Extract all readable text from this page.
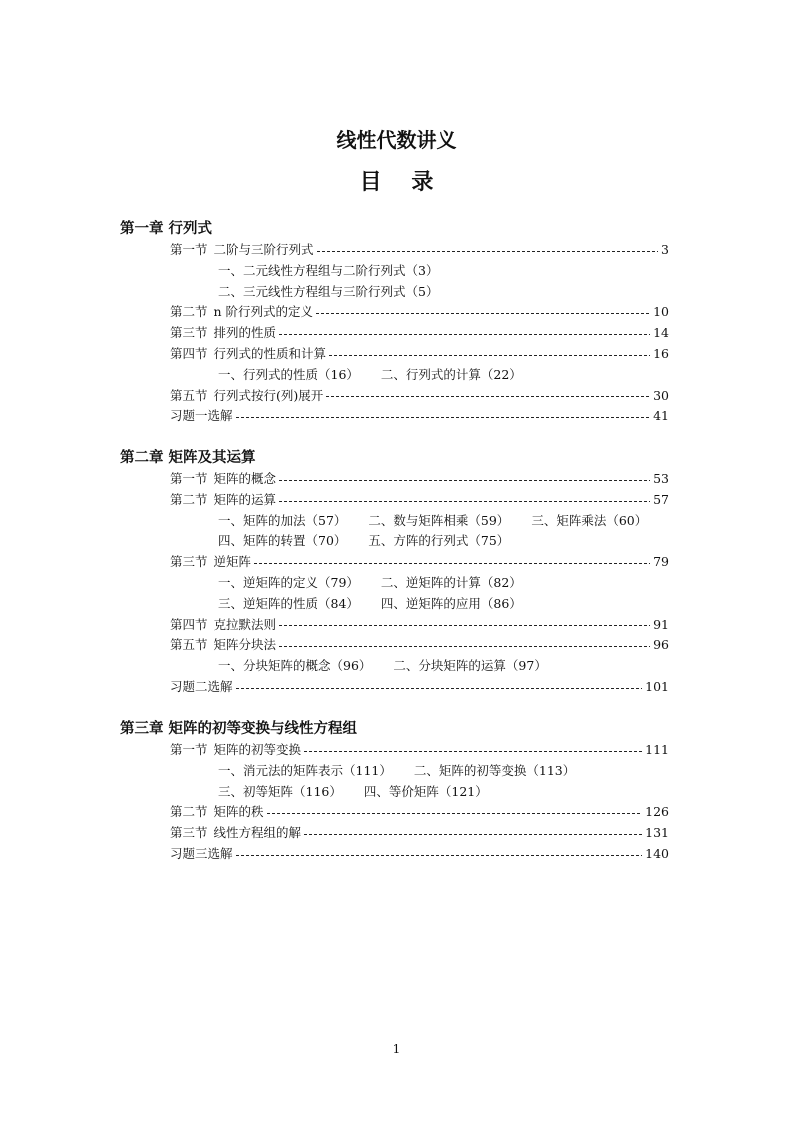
线性代数讲义
目 录
第一章 行列式
第一节 二阶与三阶行列式	3
一、二元线性方程组与二阶行列式（3）
二、三元线性方程组与三阶行列式（5）
第二节 n 阶行列式的定义	10
第三节 排列的性质	14
第四节 行列式的性质和计算	16
一、行列式的性质（16） 二、行列式的计算（22）
第五节 行列式按行(列)展开	30
习题一选解	41
第二章 矩阵及其运算
第一节 矩阵的概念	53
第二节 矩阵的运算	57
一、矩阵的加法（57） 二、数与矩阵相乘（59） 三、矩阵乘法（60）
四、矩阵的转置（70） 五、方阵的行列式（75）
第三节 逆矩阵	79
一、逆矩阵的定义（79） 二、逆矩阵的计算（82）
三、逆矩阵的性质（84） 四、逆矩阵的应用（86）
第四节 克拉默法则	91
第五节 矩阵分块法	96
一、分块矩阵的概念（96） 二、分块矩阵的运算（97）
习题二选解	101
第三章 矩阵的初等变换与线性方程组
第一节 矩阵的初等变换	111
一、消元法的矩阵表示（111） 二、矩阵的初等变换（113）
三、初等矩阵（116） 四、等价矩阵（121）
第二节 矩阵的秩	126
第三节 线性方程组的解	131
习题三选解	140
1
